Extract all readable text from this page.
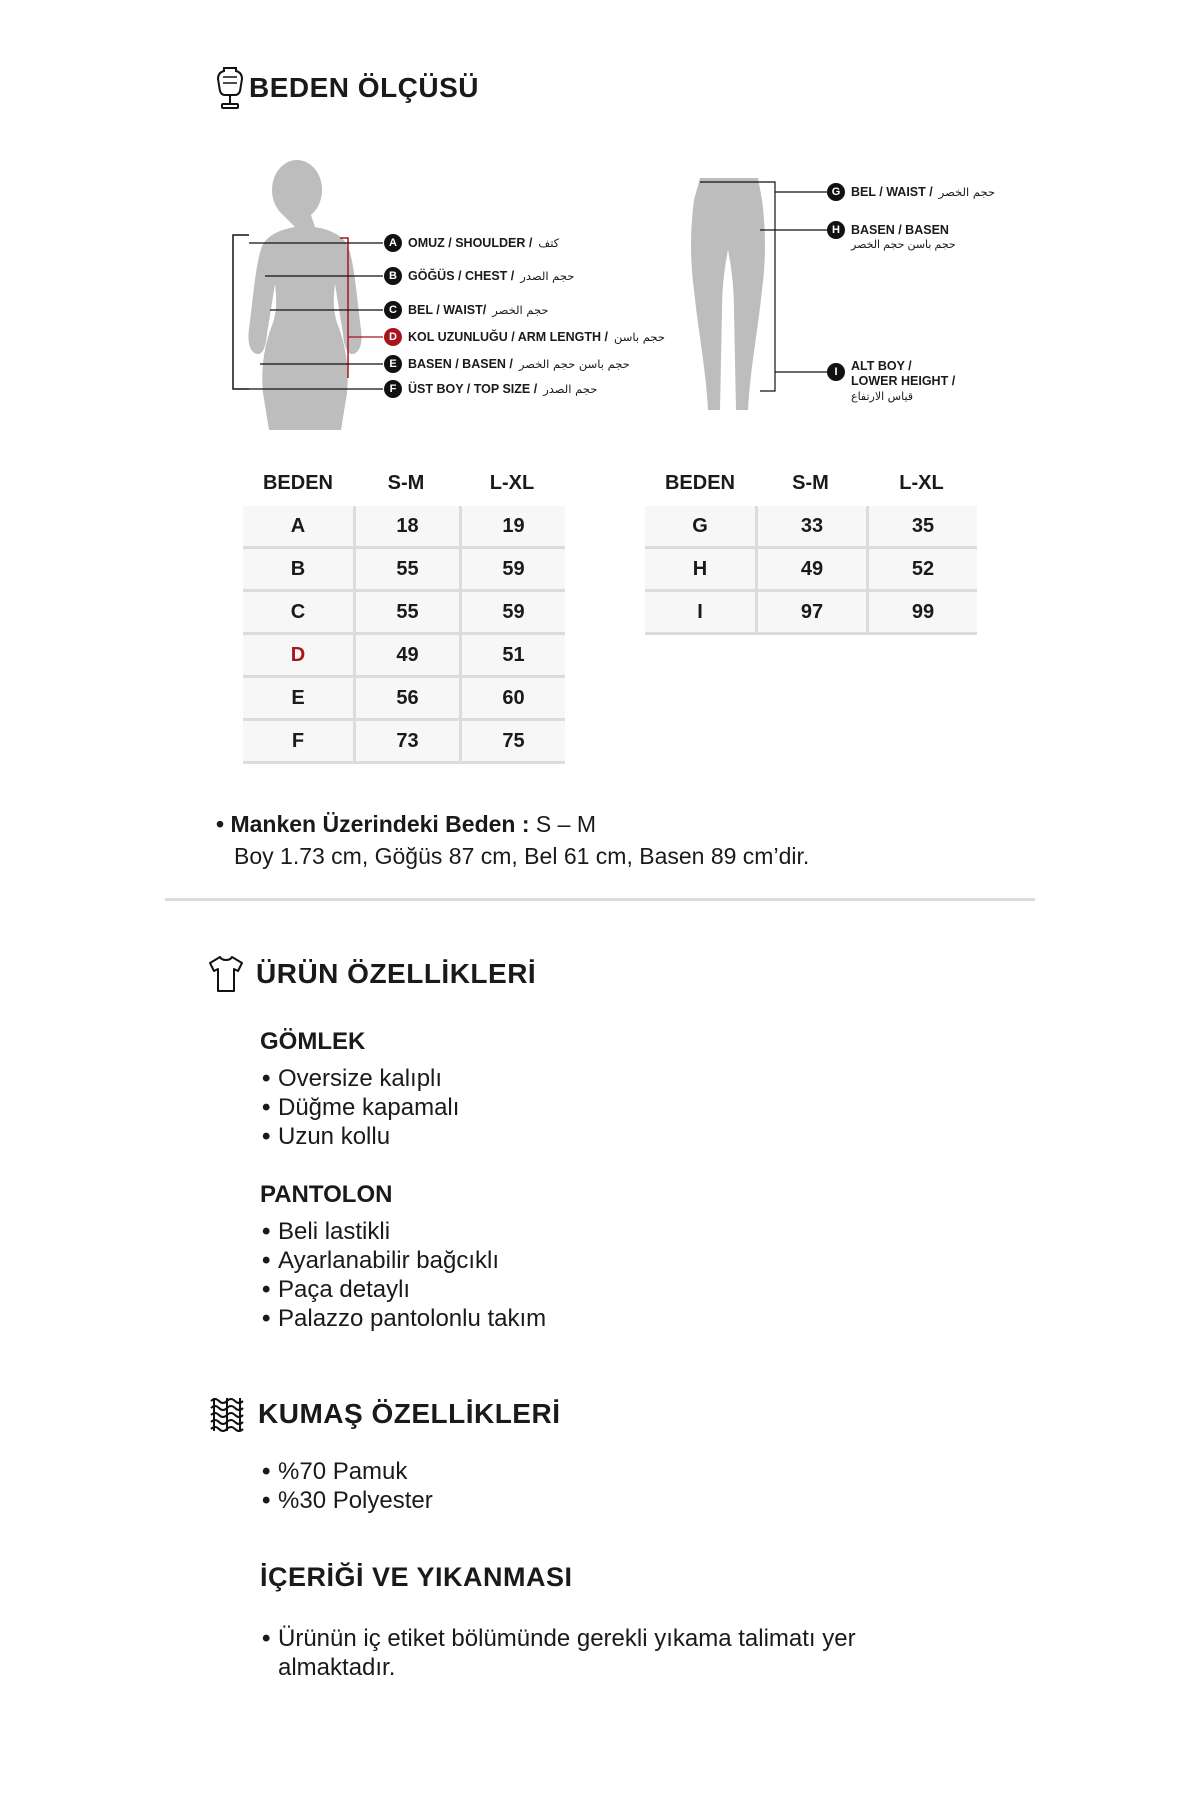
BEDEN ÖLÇÜSÜ
A OMUZ / SHOULDER / كتف
B GÖĞÜS / CHEST / حجم الصدر
C BEL / WAIST/ حجم الخصر
D KOL UZUNLUĞU / ARM LENGTH / حجم باسن
E BASEN / BASEN / حجم باسن حجم الخصر
F ÜST BOY / TOP SIZE / حجم الصدر
G BEL / WAIST / حجم الخصر
H BASEN / BASEN
حجم باسن حجم الخصر
I	ALT BOY /
LOWER HEIGHT /
قياس الارتفاع
BEDEN	S-M	L-XL
A	18	19
B	55	59
C	55	59
D	49	51
E	56	60
F	73	75
BEDEN	S-M	L-XL
G	33	35
H	49	52
I	97	99
• Manken Üzerindeki Beden : S – M
Boy 1.73 cm, Göğüs 87 cm, Bel 61 cm, Basen 89 cm’dir.
ÜRÜN ÖZELLİKLERİ
GÖMLEK
• Oversize kalıplı
• Düğme kapamalı
• Uzun kollu
PANTOLON
• Beli lastikli
• Ayarlanabilir bağcıklı
• Paça detaylı
• Palazzo pantolonlu takım
KUMAŞ ÖZELLİKLERİ
• %70 Pamuk
• %30 Polyester
İÇERİĞİ VE YIKANMASI
• Ürünün iç etiket bölümünde gerekli yıkama talimatı yer
almaktadır.
